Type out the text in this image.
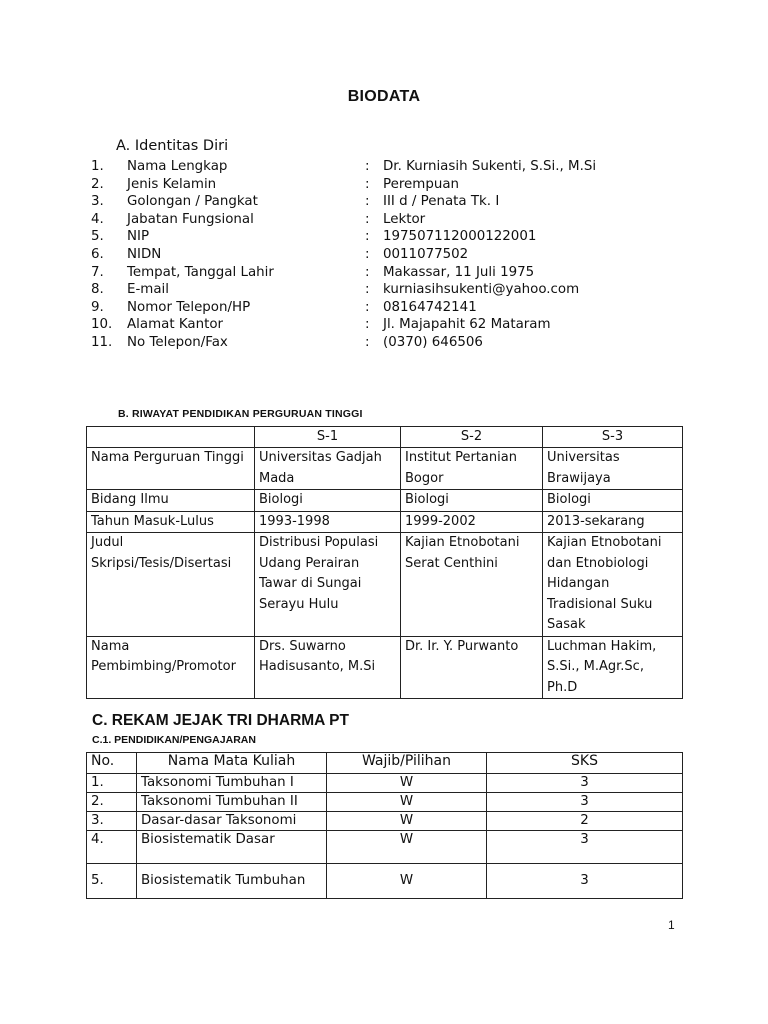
BIODATA
A. Identitas Diri
1. Nama Lengkap	: Dr. Kurniasih Sukenti, S.Si., M.Si
2. Jenis Kelamin	: Perempuan
3. Golongan / Pangkat	: III d / Penata Tk. I
4. Jabatan Fungsional	: Lektor
5. NIP	: 197507112000122001
6. NIDN	: 0011077502
7. Tempat, Tanggal Lahir	: Makassar, 11 Juli 1975
8. E-mail	: kurniasihsukenti@yahoo.com
9. Nomor Telepon/HP	: 08164742141
10. Alamat Kantor	: Jl. Majapahit 62 Mataram
11. No Telepon/Fax	: (0370) 646506
B. RIWAYAT PENDIDIKAN PERGURUAN TINGGI
	S-1	S-2	S-3
Nama Perguruan Tinggi	Universitas Gadjah Mada	Institut Pertanian Bogor	Universitas Brawijaya
Bidang Ilmu	Biologi	Biologi	Biologi
Tahun Masuk-Lulus	1993-1998	1999-2002	2013-sekarang
Judul Skripsi/Tesis/Disertasi	Distribusi Populasi Udang Perairan Tawar di Sungai Serayu Hulu	Kajian Etnobotani Serat Centhini	Kajian Etnobotani dan Etnobiologi Hidangan Tradisional Suku Sasak
Nama Pembimbing/Promotor	Drs. Suwarno Hadisusanto, M.Si	Dr. Ir. Y. Purwanto	Luchman Hakim, S.Si., M.Agr.Sc, Ph.D
C. REKAM JEJAK TRI DHARMA PT
C.1. PENDIDIKAN/PENGAJARAN
No.	Nama Mata Kuliah	Wajib/Pilihan	SKS
1.	Taksonomi Tumbuhan I	W	3
2.	Taksonomi Tumbuhan II	W	3
3.	Dasar-dasar Taksonomi	W	2
4.	Biosistematik Dasar	W	3
5.	Biosistematik Tumbuhan	W	3
1
